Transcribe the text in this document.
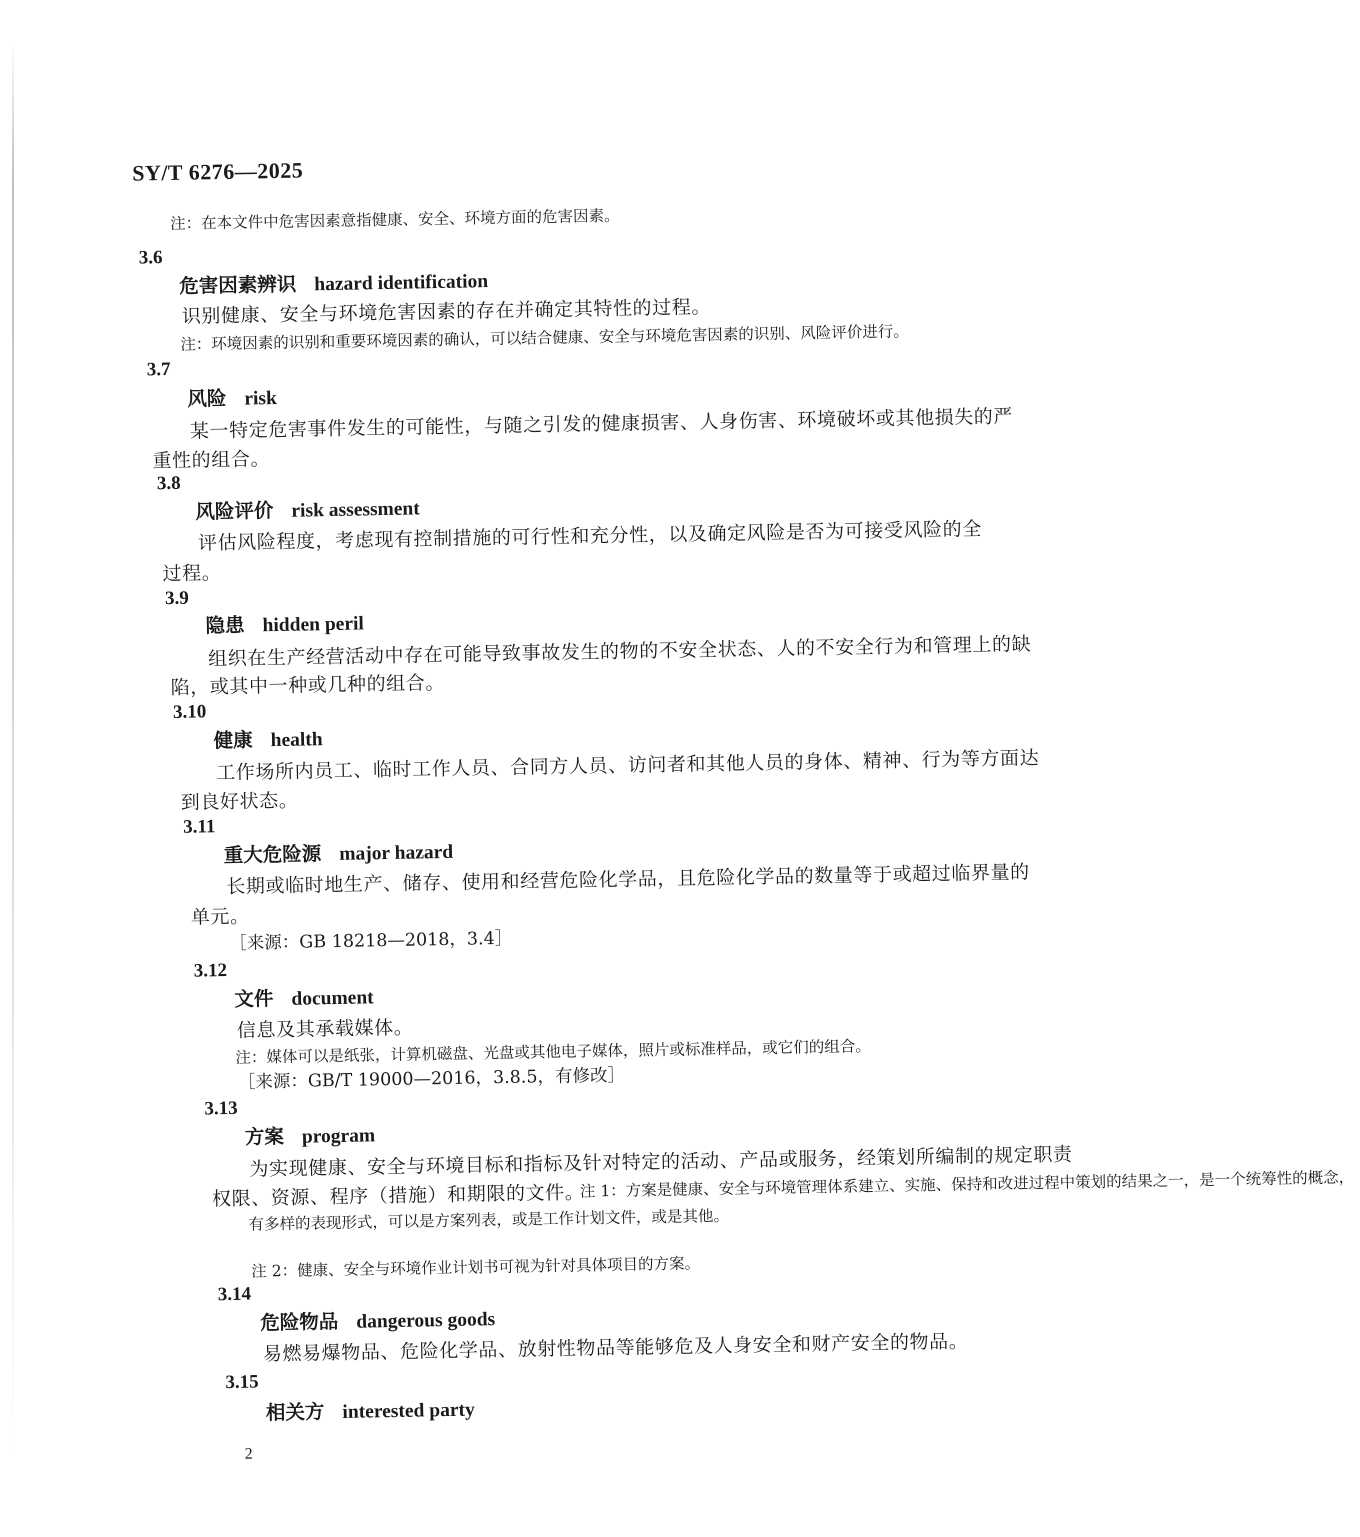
SY/T 6276—2025
注：在本文件中危害因素意指健康、安全、环境方面的危害因素。
3.6
危害因素辨识 hazard identification
识别健康、安全与环境危害因素的存在并确定其特性的过程。
注：环境因素的识别和重要环境因素的确认，可以结合健康、安全与环境危害因素的识别、风险评价进行。
3.7
风险 risk
某一特定危害事件发生的可能性，与随之引发的健康损害、人身伤害、环境破坏或其他损失的严
重性的组合。
3.8
风险评价 risk assessment
评估风险程度，考虑现有控制措施的可行性和充分性，以及确定风险是否为可接受风险的全
过程。
3.9
隐患 hidden peril
组织在生产经营活动中存在可能导致事故发生的物的不安全状态、人的不安全行为和管理上的缺
陷，或其中一种或几种的组合。
3.10
健康 health
工作场所内员工、临时工作人员、合同方人员、访问者和其他人员的身体、精神、行为等方面达
到良好状态。
3.11
重大危险源 major hazard
长期或临时地生产、储存、使用和经营危险化学品，且危险化学品的数量等于或超过临界量的
单元。
［来源：GB 18218—2018，3.4］
3.12
文件 document
信息及其承载媒体。
注：媒体可以是纸张，计算机磁盘、光盘或其他电子媒体，照片或标准样品，或它们的组合。
［来源：GB/T 19000—2016，3.8.5，有修改］
3.13
方案 program
为实现健康、安全与环境目标和指标及针对特定的活动、产品或服务，经策划所编制的规定职责
权限、资源、程序（措施）和期限的文件。
注 1：方案是健康、安全与环境管理体系建立、实施、保持和改进过程中策划的结果之一，是一个统筹性的概念，
有多样的表现形式，可以是方案列表，或是工作计划文件，或是其他。
注 2：健康、安全与环境作业计划书可视为针对具体项目的方案。
3.14
危险物品 dangerous goods
易燃易爆物品、危险化学品、放射性物品等能够危及人身安全和财产安全的物品。
3.15
相关方 interested party
2
